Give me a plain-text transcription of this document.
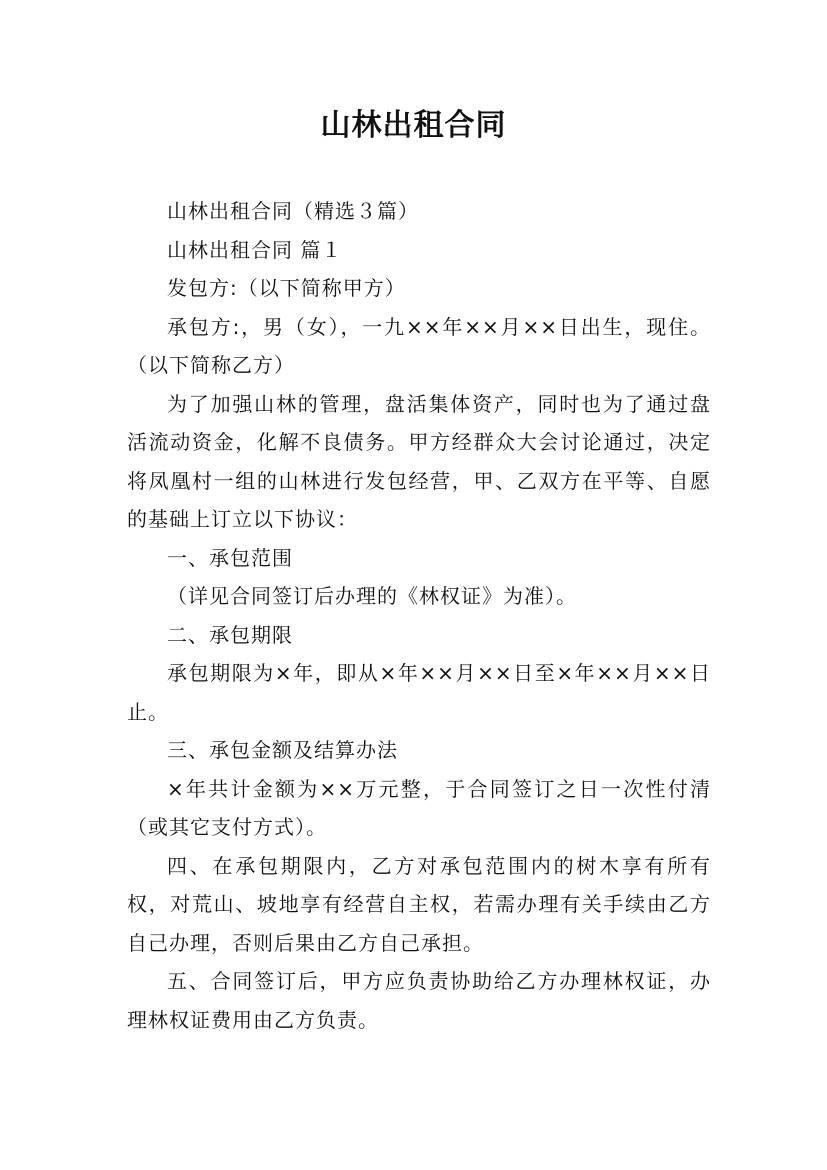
山林出租合同

山林出租合同（精选３篇）

山林出租合同 篇１

发包方:（以下简称甲方）

承包方:，男（女），一九××年××月××日出生，现住。（以下简称乙方）

为了加强山林的管理，盘活集体资产，同时也为了通过盘活流动资金，化解不良债务。甲方经群众大会讨论通过，决定将凤凰村一组的山林进行发包经营，甲、乙双方在平等、自愿的基础上订立以下协议：

一、承包范围

（详见合同签订后办理的《林权证》为准）。

二、承包期限

承包期限为×年，即从×年××月××日至×年××月××日止。

三、承包金额及结算办法

×年共计金额为××万元整，于合同签订之日一次性付清（或其它支付方式）。

四、在承包期限内，乙方对承包范围内的树木享有所有权，对荒山、坡地享有经营自主权，若需办理有关手续由乙方自己办理，否则后果由乙方自己承担。

五、合同签订后，甲方应负责协助给乙方办理林权证，办理林权证费用由乙方负责。
